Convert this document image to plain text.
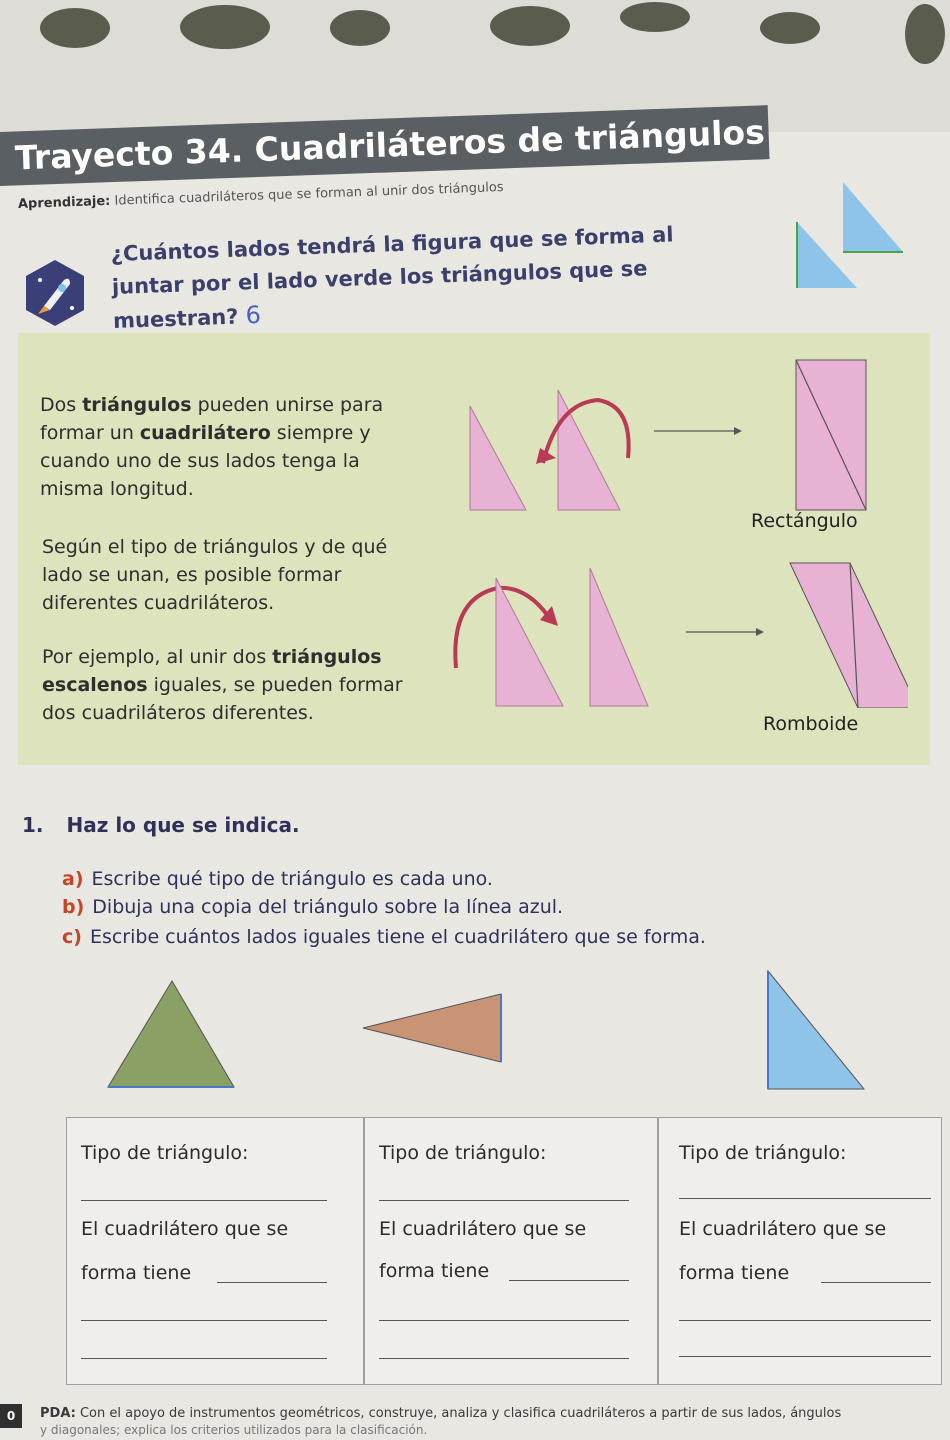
Trayecto 34. Cuadriláteros de triángulos
Aprendizaje: Identifica cuadriláteros que se forman al unir dos triángulos
¿Cuántos lados tendrá la figura que se forma al juntar por el lado verde los triángulos que se muestran? 6
Dos triángulos pueden unirse para formar un cuadrilátero siempre y cuando uno de sus lados tenga la misma longitud.
Según el tipo de triángulos y de qué lado se unan, es posible formar diferentes cuadriláteros.
Por ejemplo, al unir dos triángulos escalenos iguales, se pueden formar dos cuadriláteros diferentes.
Rectángulo
Romboide
1. Haz lo que se indica.
a) Escribe qué tipo de triángulo es cada uno.
b) Dibuja una copia del triángulo sobre la línea azul.
c) Escribe cuántos lados iguales tiene el cuadrilátero que se forma.
Tipo de triángulo:
El cuadrilátero que se
forma tiene
Tipo de triángulo:
El cuadrilátero que se
forma tiene
Tipo de triángulo:
El cuadrilátero que se
forma tiene
0	PDA: Con el apoyo de instrumentos geométricos, construye, analiza y clasifica cuadriláteros a partir de sus lados, ángulos
y diagonales; explica los criterios utilizados para la clasificación.
